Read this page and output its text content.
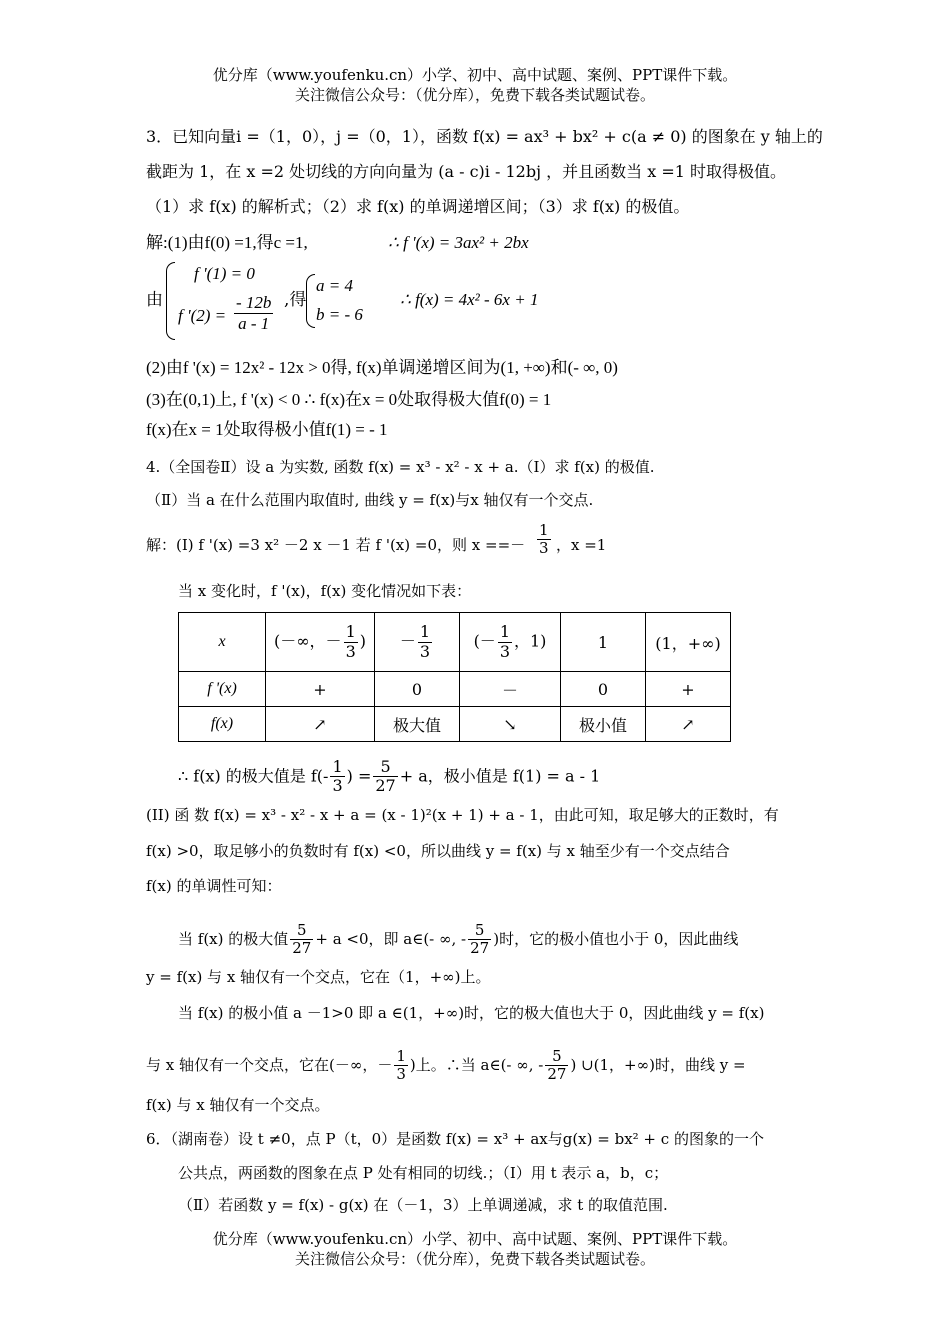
优分库（www.youfenku.cn）小学、初中、高中试题、案例、PPT课件下载。
关注微信公众号：（优分库），免费下载各类试题试卷。
3．已知向量i =（1，0），j =（0，1），函数 f(x) = ax³ + bx² + c(a ≠ 0) 的图象在 y 轴上的
截距为 1，在 x =2 处切线的方向向量为 (a - c)i - 12bj ，并且函数当 x =1 时取得极值。
（1）求 f(x) 的解析式；（2）求 f(x) 的单调递增区间；（3）求 f(x) 的极值。
解:(1)由f(0) =1,得c =1,	∴ f '(x) = 3ax² + 2bx
由
f '(1) = 0
f '$(2) = \frac{- 12b}{a - 1}$ ,得
a = 4
b = - 6
∴ f(x) = 4x² - 6x + 1
(2)由f '(x) = 12x² - 12x > 0得, f(x)单调递增区间为(1, +∞)和(- ∞, 0)
(3)在(0,1)上, f '(x) < 0 ∴ f(x)在x = 0处取得极大值f(0) = 1
f(x)在x = 1处取得极小值f(1) = - 1
4.（全国卷Ⅱ）设 a 为实数, 函数 f(x) = x³ - x² - x + a.（Ⅰ）求 f(x) 的极值.
（Ⅱ）当 a 在什么范围内取值时, 曲线 y = f(x)与x 轴仅有一个交点.
解：(I) f '(x) =3 x² －2 x －1 若 f '(x) =0，则 x ==－ $\frac{1}{3}$ ，x =1
当 x 变化时，f '(x)，f(x) 变化情况如下表：
x	(－∞，－ $\frac{1}{3}$ )	－ $\frac{1}{3}$	(－ $\frac{1}{3}$ ，1)	1	(1，+∞)
f '(x)	+	0	－	0	+
f(x)	↗	极大值	↘	极小值	↗
∴ f(x) 的极大值是 $f(- \frac{1}{3}$ ) = $\frac{5}{27} + a$，极小值是 f(1) = a - 1
(II) 函 数 f(x) = x³ - x² - x + a = (x - 1)²(x + 1) + a - 1，由此可知，取足够大的正数时，有
f(x) >0，取足够小的负数时有 f(x) <0，所以曲线 y = f(x) 与 x 轴至少有一个交点结合
f(x) 的单调性可知：
当 f(x) 的极大值 $\frac{5}{27} + a <0$，即 a∈(- ∞, - $\frac{5}{27}$ )时，它的极小值也小于 0，因此曲线
y = f(x) 与 x 轴仅有一个交点，它在（1，+∞)上。
当 f(x) 的极小值 a －1>0 即 a ∈(1，+∞)时，它的极大值也大于 0，因此曲线 y = f(x)
与 x 轴仅有一个交点，它在(－∞，－ $\frac{1}{3}$ )上。∴当 a∈(- ∞, - $\frac{5}{27}$ ) ∪(1，+∞)时，曲线 y =
f(x) 与 x 轴仅有一个交点。
6．（湖南卷）设 t ≠0，点 P（t，0）是函数 f(x) = x³ + ax与g(x) = bx² + c 的图象的一个
公共点，两函数的图象在点 P 处有相同的切线.；（Ⅰ）用 t 表示 a，b，c；
（Ⅱ）若函数 y = f(x) - g(x) 在（－1，3）上单调递减，求 t 的取值范围.
优分库（www.youfenku.cn）小学、初中、高中试题、案例、PPT课件下载。
关注微信公众号：（优分库），免费下载各类试题试卷。
